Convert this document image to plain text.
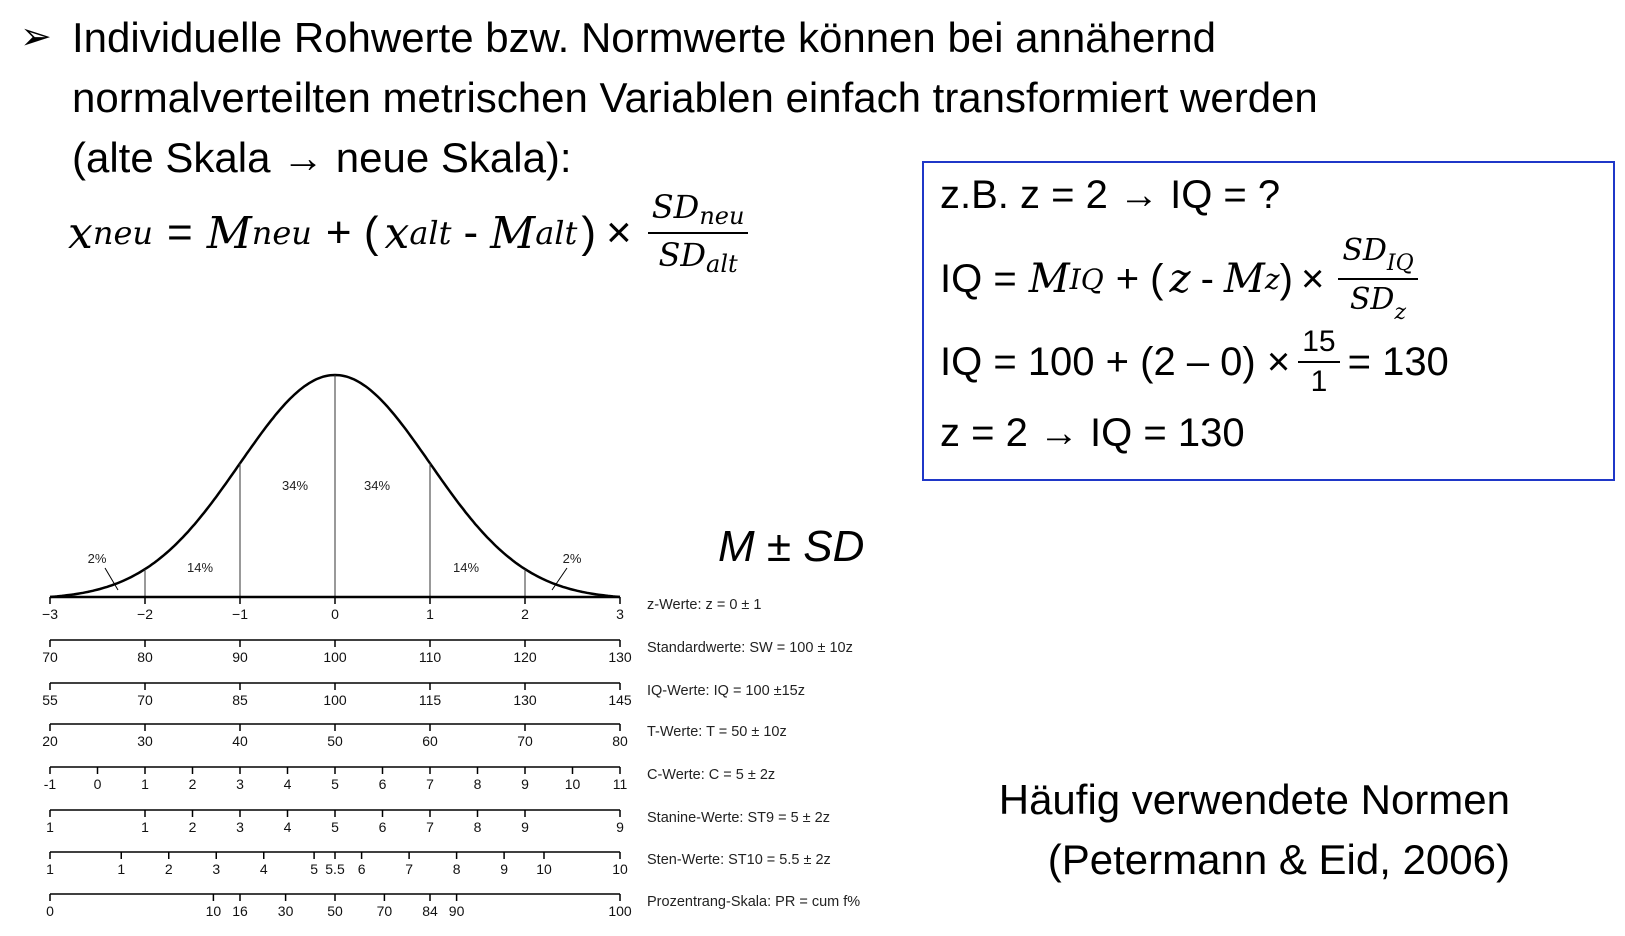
➢ Individuelle Rohwerte bzw. Normwerte können bei annähernd
normalverteilten metrischen Variablen einfach transformiert werden
(alte Skala → neue Skala):
x neu = M neu + ( x alt - M alt ) × $\frac{SD_{neu}}{SD_{alt}}$	z.B. z = 2 → IQ = ?
IQ = M IQ + ( z - M z ) × $\frac{SD_{IQ}}{SD_z}$
IQ = $100 + (2 - 0) \times \frac{15}{1} = 130$
z = 2 → IQ = 130
M ± SD
Häufig verwendete Normen
(Petermann & Eid, 2006)
−3	−2	−1	0	1	2	3
z-Werte: z = 0 ± 1
70	80	90	100	110	120	130
Standardwerte: SW = 100 ± 10z
55	70	85	100	115	130	145
IQ-Werte: IQ = 100 ±15z
20	30	40	50	60	70	80
T-Werte: T = 50 ± 10z
-1	0	1	2	3	4	5	6	7	8	9	10 11
C-Werte: C = 5 ± 2z
1	1	2	3	4	5	6	7	8	9	9
Stanine-Werte: ST9 = 5 ± 2z
1	1	2	3	4	5 5.5 6	7	8	9 10	10
Sten-Werte: ST10 = 5.5 ± 2z
0	10 16 30 50 70 84 90	100
Prozentrang-Skala: PR = cum f%
2%
14%
34%	34%
14%
2%
